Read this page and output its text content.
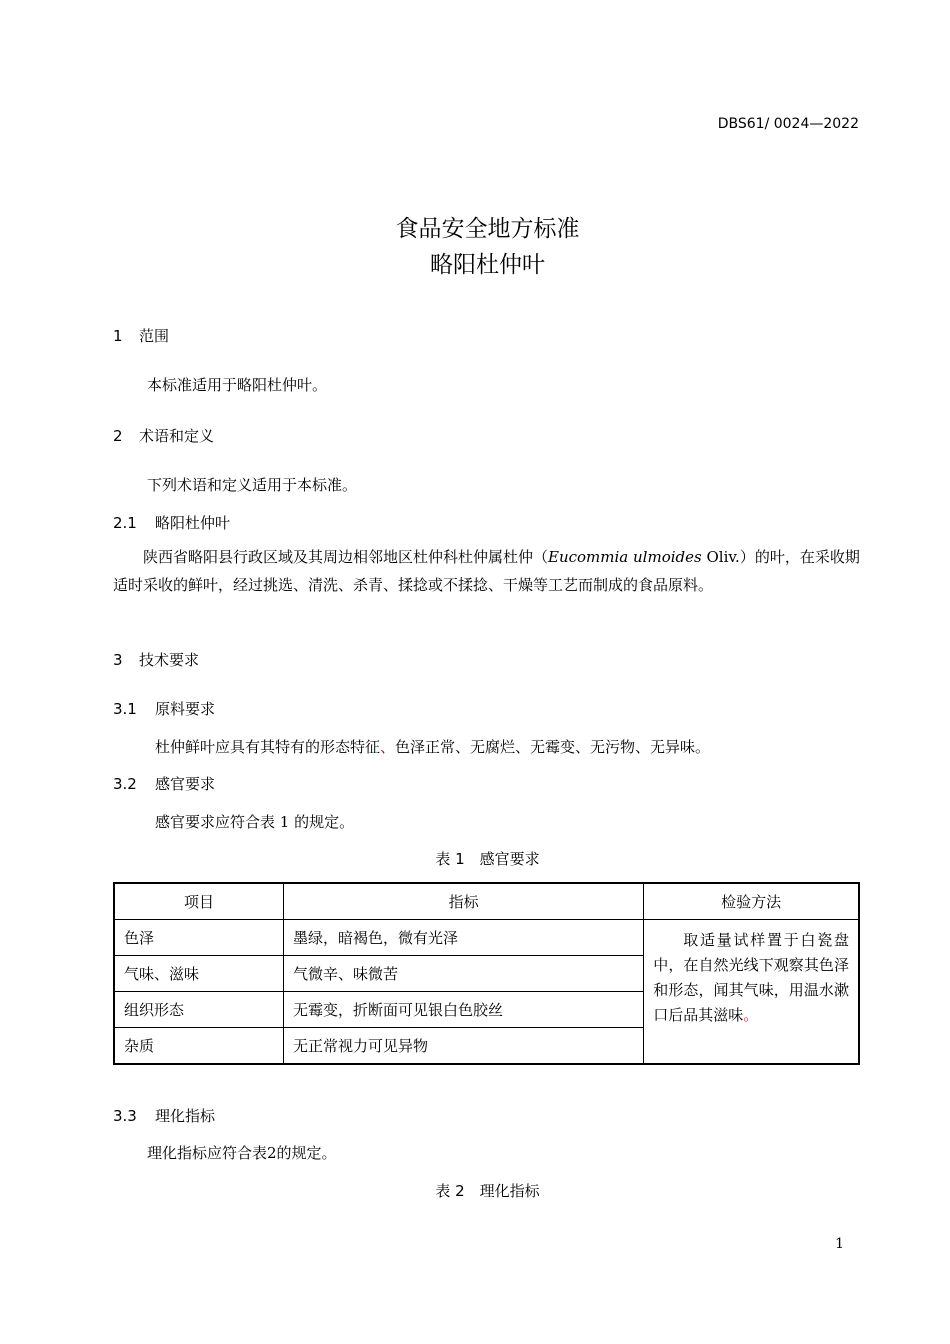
DBS61/ 0024—2022
食品安全地方标准
略阳杜仲叶
1 范围
本标准适用于略阳杜仲叶。
2 术语和定义
下列术语和定义适用于本标准。
2.1 略阳杜仲叶
陕西省略阳县行政区域及其周边相邻地区杜仲科杜仲属杜仲（Eucommia ulmoides Oliv.）的叶，在采收期适时采收的鲜叶，经过挑选、清洗、杀青、揉捻或不揉捻、干燥等工艺而制成的食品原料。
3 技术要求
3.1 原料要求
杜仲鲜叶应具有其特有的形态特征、色泽正常、无腐烂、无霉变、无污物、无异味。
3.2 感官要求
感官要求应符合表 1 的规定。
表 1　感官要求
项目	指标	检验方法
色泽	墨绿，暗褐色，微有光泽	取适量试样置于白瓷盘中，在自然光线下观察其色泽和形态，闻其气味，用温水漱口后品其滋味。
气味、滋味	气微辛、味微苦	
组织形态	无霉变，折断面可见银白色胶丝	
杂质	无正常视力可见异物	
3.3 理化指标
理化指标应符合表2的规定。
表 2　理化指标
1
